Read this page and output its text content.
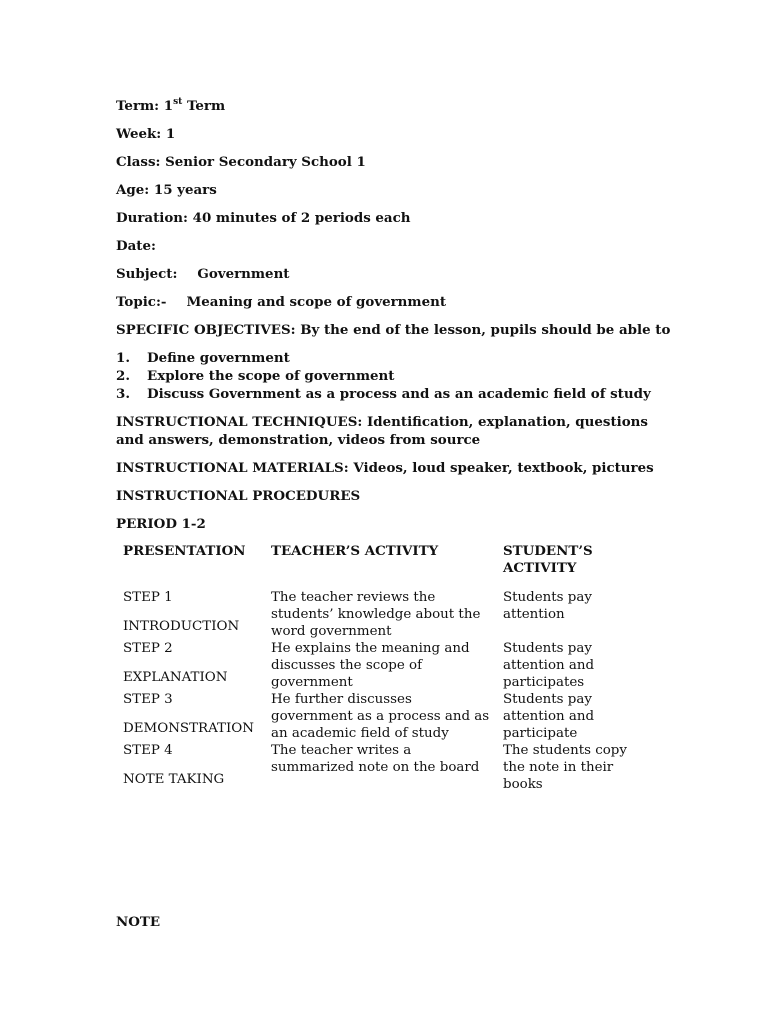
Term: 1st Term
Week: 1
Class: Senior Secondary School 1
Age: 15 years
Duration: 40 minutes of 2 periods each
Date:
Subject: Government
Topic:- Meaning and scope of government
SPECIFIC OBJECTIVES: By the end of the lesson, pupils should be able to
1.	Define government
2.	Explore the scope of government
3.	Discuss Government as a process and as an academic field of study
INSTRUCTIONAL TECHNIQUES: Identification, explanation, questions and answers, demonstration, videos from source
INSTRUCTIONAL MATERIALS: Videos, loud speaker, textbook, pictures
INSTRUCTIONAL PROCEDURES
PERIOD 1-2
PRESENTATION	TEACHER’S ACTIVITY	STUDENT’S ACTIVITY

STEP 1
INTRODUCTION	The teacher reviews the students’ knowledge about the word government	Students pay attention

STEP 2
EXPLANATION	He explains the meaning and discusses the scope of government	Students pay attention and participates

STEP 3
DEMONSTRATION	He further discusses government as a process and as an academic field of study	Students pay attention and participate

STEP 4
NOTE TAKING	The teacher writes a summarized note on the board	The students copy the note in their books
NOTE
